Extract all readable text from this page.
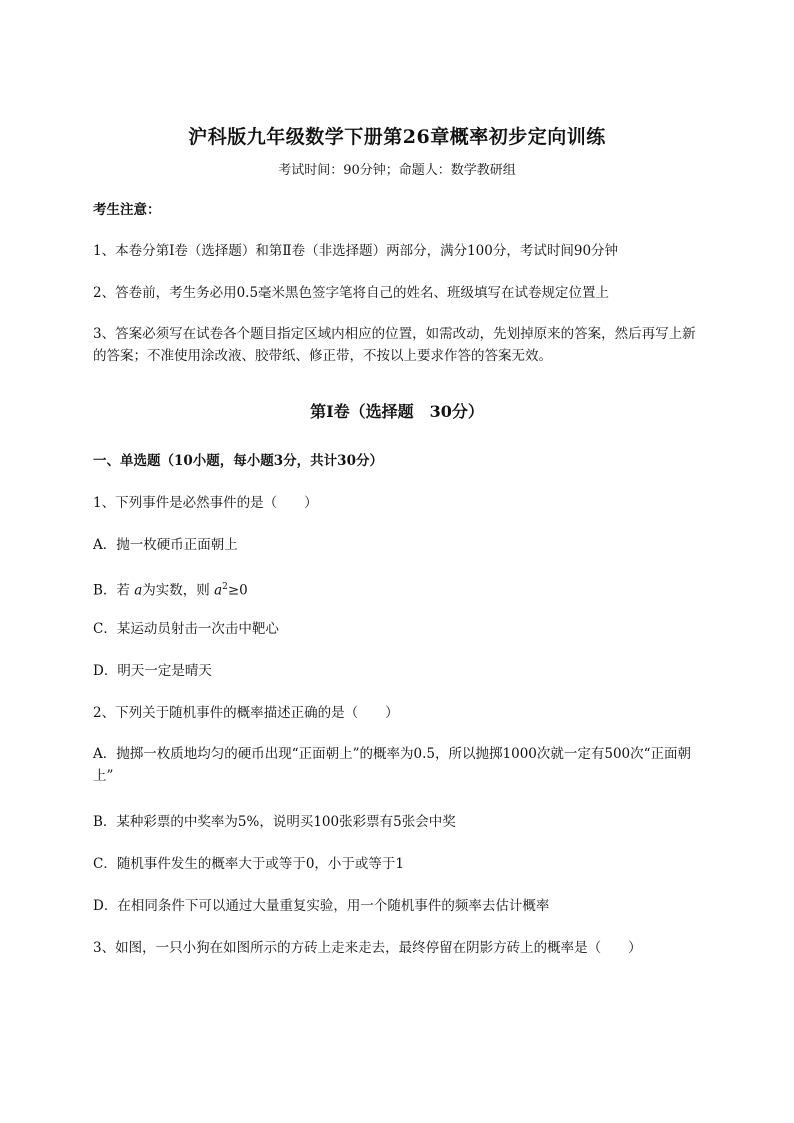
沪科版九年级数学下册第26章概率初步定向训练
考试时间：90分钟；命题人：数学教研组
考生注意：
1、本卷分第I卷（选择题）和第Ⅱ卷（非选择题）两部分，满分100分，考试时间90分钟
2、答卷前，考生务必用0.5毫米黑色签字笔将自己的姓名、班级填写在试卷规定位置上
3、答案必须写在试卷各个题目指定区域内相应的位置，如需改动，先划掉原来的答案，然后再写上新的答案；不准使用涂改液、胶带纸、修正带，不按以上要求作答的答案无效。
第I卷（选择题　30分）
一、单选题（10小题，每小题3分，共计30分）
1、下列事件是必然事件的是（　　）
A．抛一枚硬币正面朝上
B．若 a为实数，则 $a^2\ge 0$
C．某运动员射击一次击中靶心
D．明天一定是晴天
2、下列关于随机事件的概率描述正确的是（　　）
A．抛掷一枚质地均匀的硬币出现“正面朝上”的概率为0.5，所以抛掷1000次就一定有500次“正面朝上”
B．某种彩票的中奖率为5%，说明买100张彩票有5张会中奖
C．随机事件发生的概率大于或等于0，小于或等于1
D．在相同条件下可以通过大量重复实验，用一个随机事件的频率去估计概率
3、如图，一只小狗在如图所示的方砖上走来走去，最终停留在阴影方砖上的概率是（　　）
